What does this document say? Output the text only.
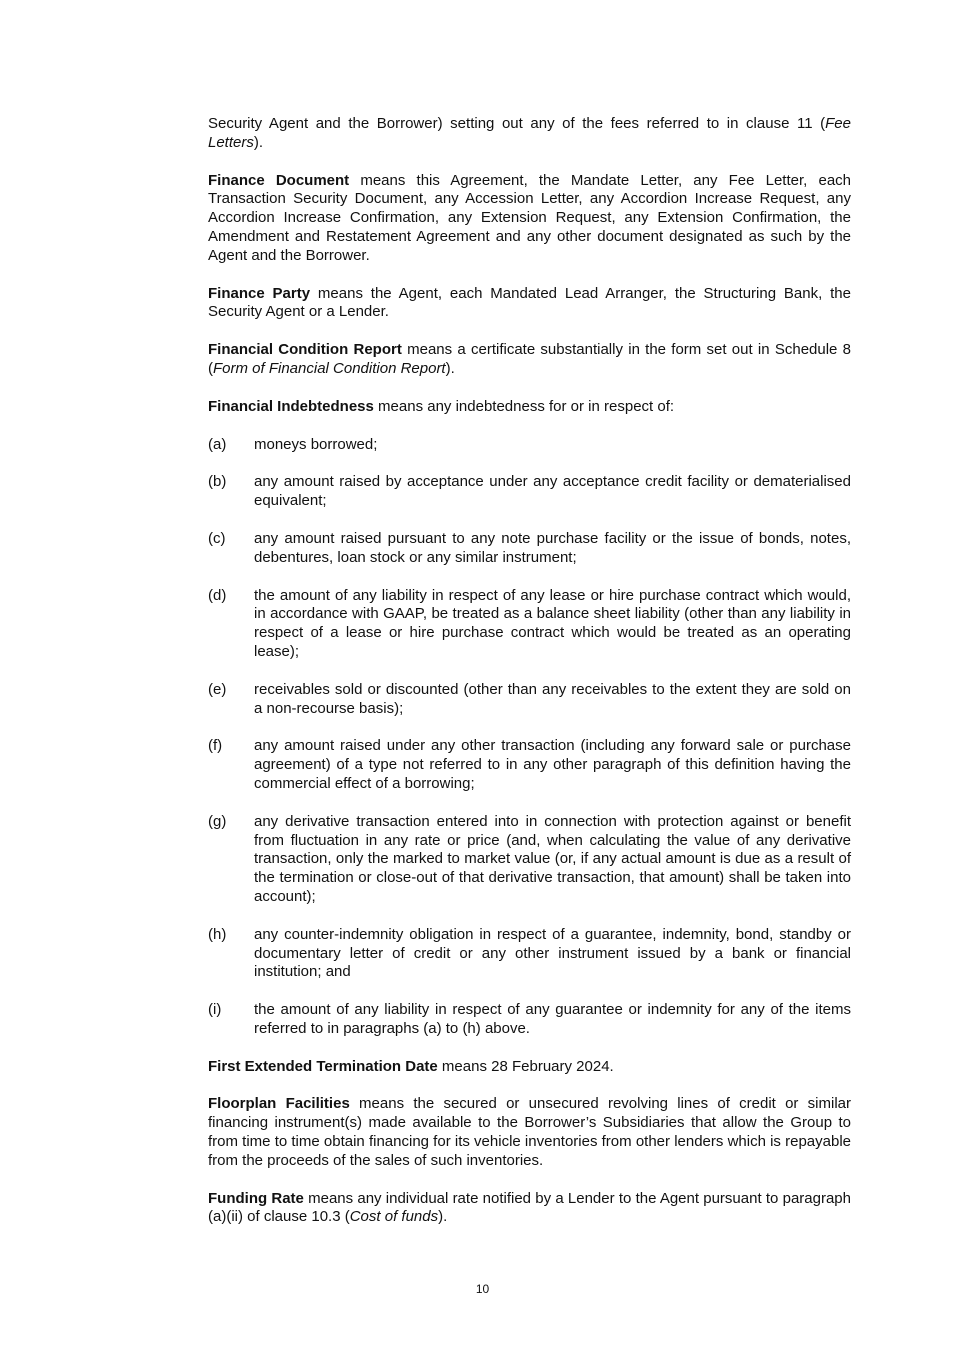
Security Agent and the Borrower) setting out any of the fees referred to in clause 11 (Fee Letters).

Finance Document means this Agreement, the Mandate Letter, any Fee Letter, each Transaction Security Document, any Accession Letter, any Accordion Increase Request, any Accordion Increase Confirmation, any Extension Request, any Extension Confirmation, the Amendment and Restatement Agreement and any other document designated as such by the Agent and the Borrower.

Finance Party means the Agent, each Mandated Lead Arranger, the Structuring Bank, the Security Agent or a Lender.

Financial Condition Report means a certificate substantially in the form set out in Schedule 8 (Form of Financial Condition Report).

Financial Indebtedness means any indebtedness for or in respect of:

(a)	moneys borrowed;
(b)	any amount raised by acceptance under any acceptance credit facility or dematerialised equivalent;
(c)	any amount raised pursuant to any note purchase facility or the issue of bonds, notes, debentures, loan stock or any similar instrument;
(d)	the amount of any liability in respect of any lease or hire purchase contract which would, in accordance with GAAP, be treated as a balance sheet liability (other than any liability in respect of a lease or hire purchase contract which would be treated as an operating lease);
(e)	receivables sold or discounted (other than any receivables to the extent they are sold on a non-recourse basis);
(f)	any amount raised under any other transaction (including any forward sale or purchase agreement) of a type not referred to in any other paragraph of this definition having the commercial effect of a borrowing;
(g)	any derivative transaction entered into in connection with protection against or benefit from fluctuation in any rate or price (and, when calculating the value of any derivative transaction, only the marked to market value (or, if any actual amount is due as a result of the termination or close-out of that derivative transaction, that amount) shall be taken into account);
(h)	any counter-indemnity obligation in respect of a guarantee, indemnity, bond, standby or documentary letter of credit or any other instrument issued by a bank or financial institution; and
(i)	the amount of any liability in respect of any guarantee or indemnity for any of the items referred to in paragraphs (a) to (h) above.

First Extended Termination Date means 28 February 2024.

Floorplan Facilities means the secured or unsecured revolving lines of credit or similar financing instrument(s) made available to the Borrower’s Subsidiaries that allow the Group to from time to time obtain financing for its vehicle inventories from other lenders which is repayable from the proceeds of the sales of such inventories.

Funding Rate means any individual rate notified by a Lender to the Agent pursuant to paragraph (a)(ii) of clause 10.3 (Cost of funds).

10
